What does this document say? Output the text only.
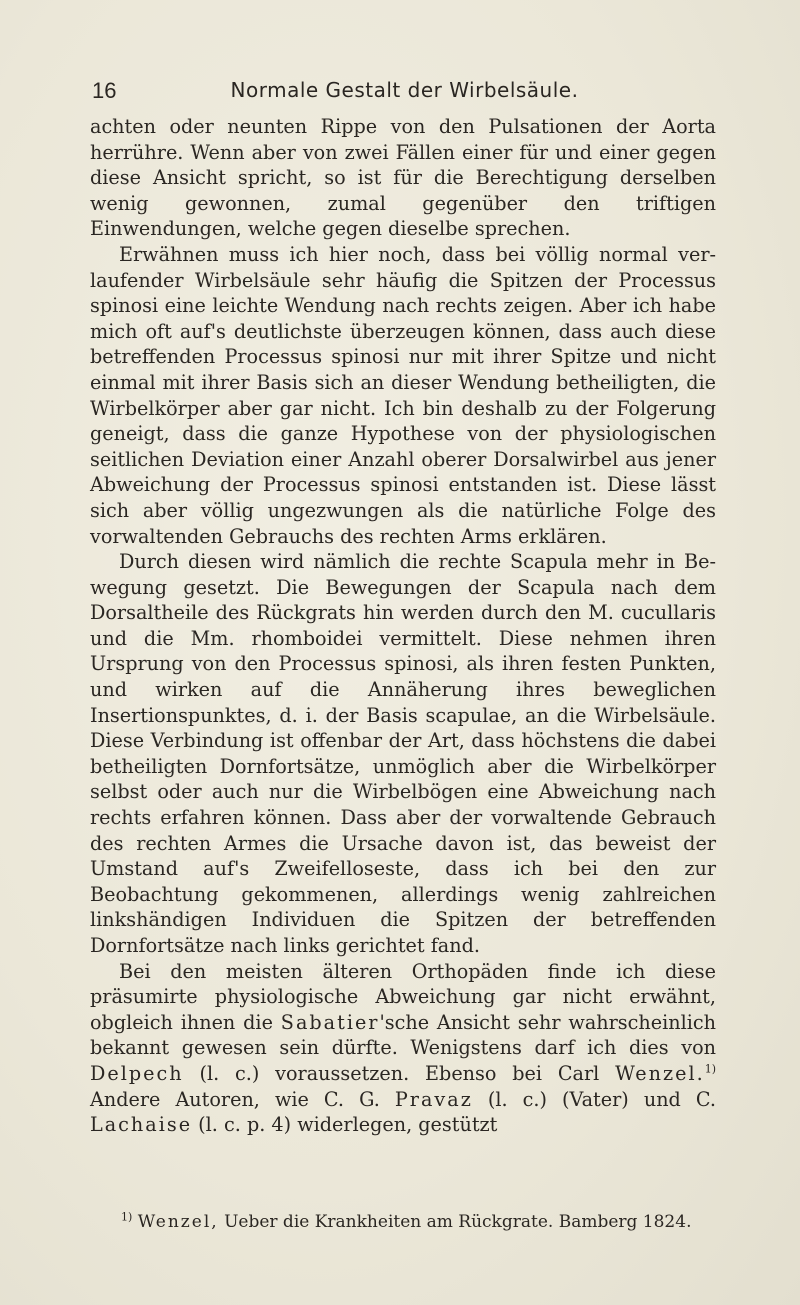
16	Normale Gestalt der Wirbelsäule.

achten oder neunten Rippe von den Pulsationen der Aorta herrühre. Wenn aber von zwei Fällen einer für und einer gegen diese Ansicht spricht, so ist für die Berechtigung derselben wenig gewonnen, zumal gegenüber den triftigen Einwendungen, welche gegen dieselbe sprechen.

Erwähnen muss ich hier noch, dass bei völlig normal verlaufender Wirbelsäule sehr häufig die Spitzen der Processus spinosi eine leichte Wendung nach rechts zeigen. Aber ich habe mich oft auf's deutlichste überzeugen können, dass auch diese betreffenden Processus spinosi nur mit ihrer Spitze und nicht einmal mit ihrer Basis sich an dieser Wendung betheiligten, die Wirbelkörper aber gar nicht. Ich bin deshalb zu der Folgerung geneigt, dass die ganze Hypothese von der physiologischen seitlichen Deviation einer Anzahl oberer Dorsalwirbel aus jener Abweichung der Processus spinosi entstanden ist. Diese lässt sich aber völlig ungezwungen als die natürliche Folge des vorwaltenden Gebrauchs des rechten Arms erklären.

Durch diesen wird nämlich die rechte Scapula mehr in Bewegung gesetzt. Die Bewegungen der Scapula nach dem Dorsaltheile des Rückgrats hin werden durch den M. cucullaris und die Mm. rhomboidei vermittelt. Diese nehmen ihren Ursprung von den Processus spinosi, als ihren festen Punkten, und wirken auf die Annäherung ihres beweglichen Insertionspunktes, d. i. der Basis scapulae, an die Wirbelsäule. Diese Verbindung ist offenbar der Art, dass höchstens die dabei betheiligten Dornfortsätze, unmöglich aber die Wirbelkörper selbst oder auch nur die Wirbelbögen eine Abweichung nach rechts erfahren können. Dass aber der vorwaltende Gebrauch des rechten Armes die Ursache davon ist, das beweist der Umstand auf's Zweifelloseste, dass ich bei den zur Beobachtung gekommenen, allerdings wenig zahlreichen linkshändigen Individuen die Spitzen der betreffenden Dornfortsätze nach links gerichtet fand.

Bei den meisten älteren Orthopäden finde ich diese präsumirte physiologische Abweichung gar nicht erwähnt, obgleich ihnen die Sabatier'sche Ansicht sehr wahrscheinlich bekannt gewesen sein dürfte. Wenigstens darf ich dies von Delpech (l. c.) voraussetzen. Ebenso bei Carl Wenzel.$^{1)}$ Andere Autoren, wie C. G. Pravaz (l. c.) (Vater) und C. Lachaise (l. c. p. 4) widerlegen, gestützt

$^{1)}$ Wenzel, Ueber die Krankheiten am Rückgrate. Bamberg 1824.
